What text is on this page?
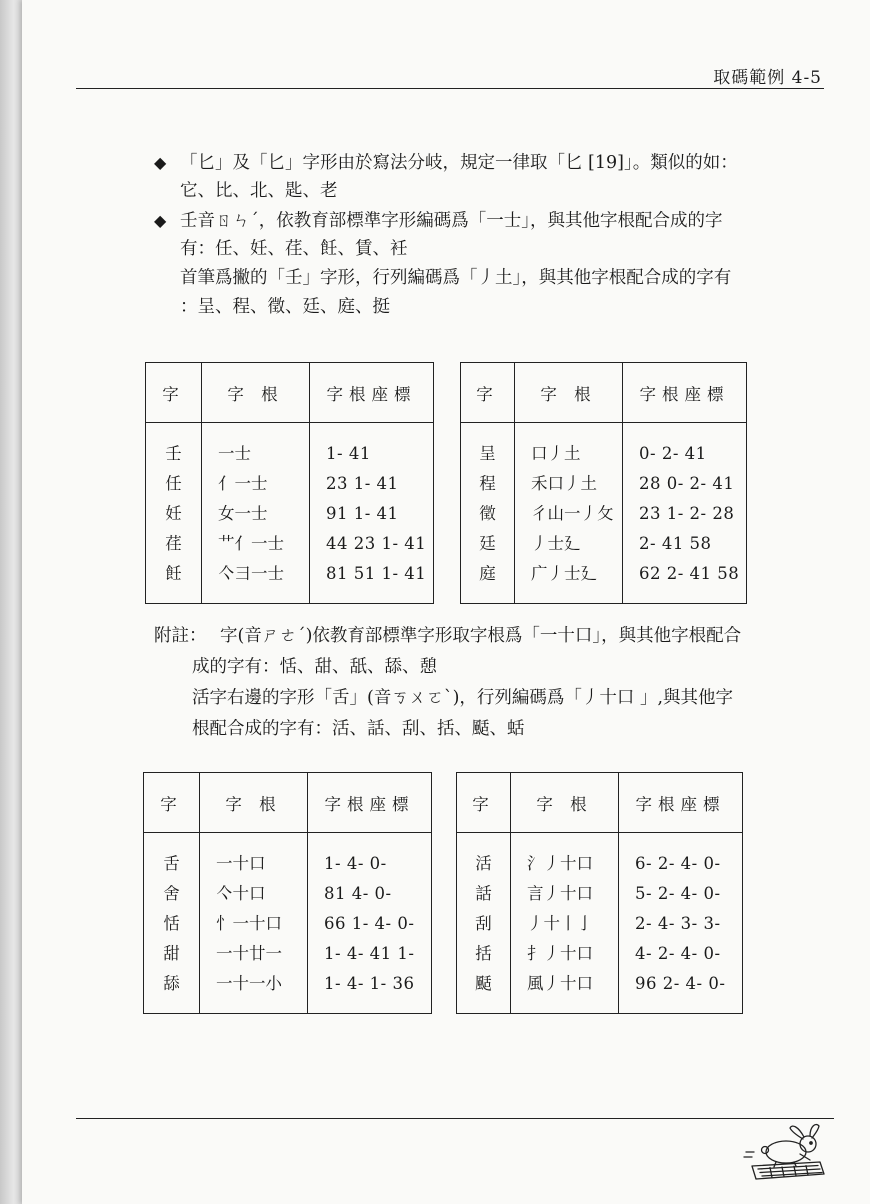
取碼範例 4-5
◆ 「匕」及「匕」字形由於寫法分岐，規定一律取「匕 [19]」。類似的如：
它、比、北、匙、老
◆ 壬音ㄖㄣˊ，依教育部標準字形編碼爲「一士」，與其他字根配合成的字
有：任、妊、荏、飪、賃、衽
首筆爲撇的「壬」字形，行列編碼爲「丿土」，與其他字根配合成的字有
：呈、程、徵、廷、庭、挺
字	字 根	字根座標

壬	一士	1- 41
任	亻一士	23 1- 41
妊	女一士	91 1- 41
荏	艹亻一士	44 23 1- 41
飪	亽彐一士	81 51 1- 41

字	字 根	字根座標

呈	口丿土	0- 2- 41
程	禾口丿土	28 0- 2- 41
徵	彳山一丿攵	23 1- 2- 28
廷	丿士廴	2- 41 58
庭	广丿士廴	62 2- 41 58

附註： 字(音ㄕㄜˊ)依教育部標準字形取字根爲「一十口」，與其他字根配合
成的字有：恬、甜、舐、舔、憩
活字右邊的字形「舌」(音ㄎㄨㄛˋ)，行列編碼爲「丿十口 」,與其他字
根配合成的字有：活、話、刮、括、颳、蛞
字	字 根	字根座標

舌	一十口	1- 4- 0-
舍	亽十口	81 4- 0-
恬	忄一十口	66 1- 4- 0-
甜	一十廿一	1- 4- 41 1-
舔	一十一小	1- 4- 1- 36

字	字 根	字根座標

活	氵丿十口	6- 2- 4- 0-
話	言丿十口	5- 2- 4- 0-
刮	丿十丨亅	2- 4- 3- 3-
括	扌丿十口	4- 2- 4- 0-
颳	風丿十口	96 2- 4- 0-
